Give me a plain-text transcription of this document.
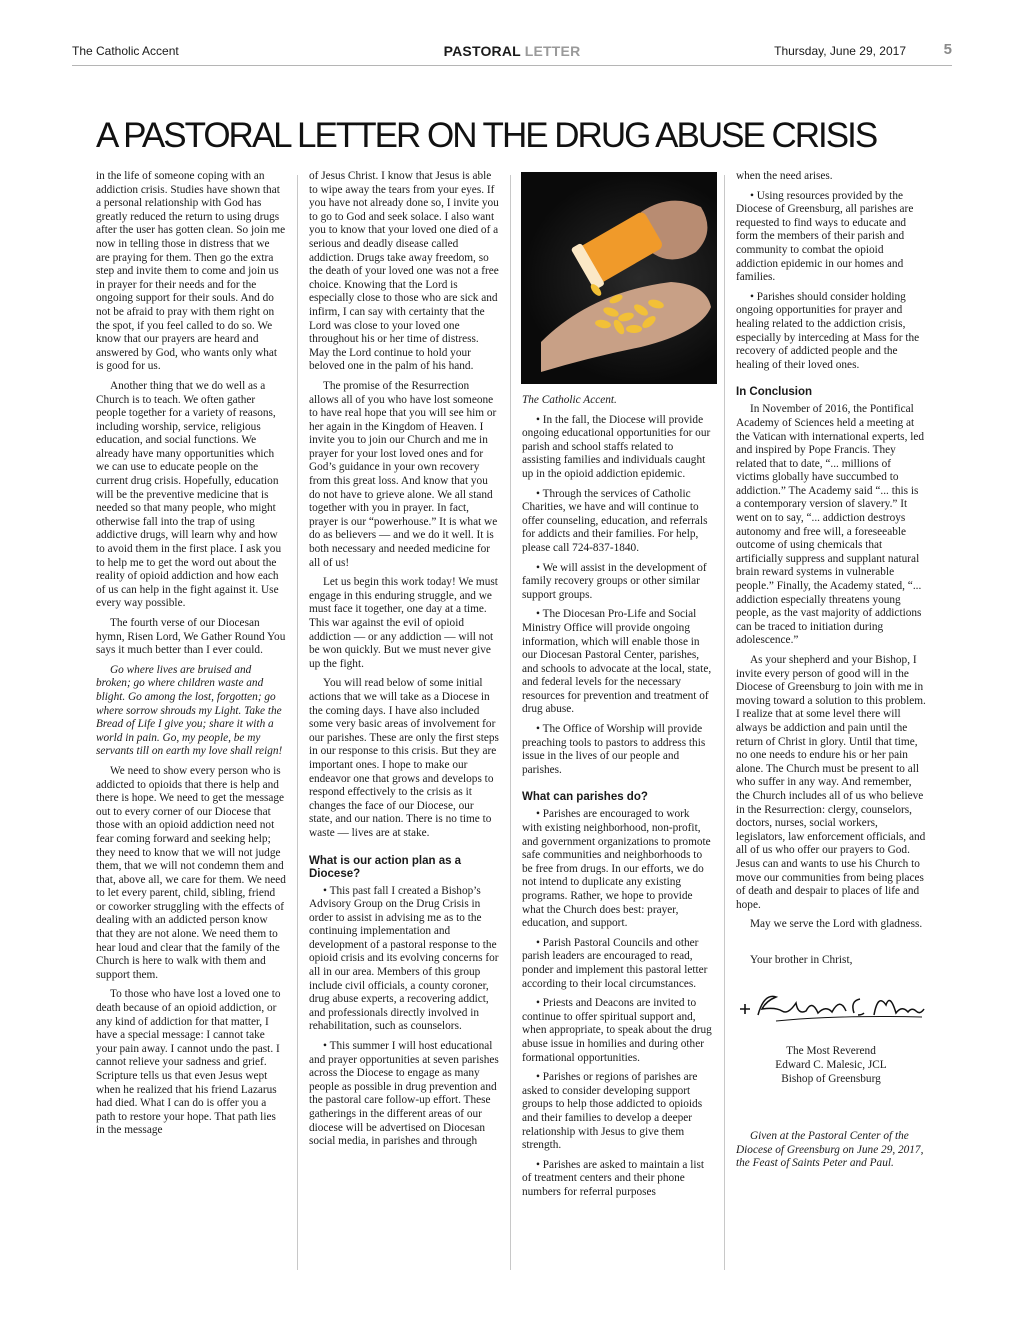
The Catholic Accent	PASTORAL LETTER	Thursday, June 29, 2017	5
A PASTORAL LETTER ON THE DRUG ABUSE CRISIS

in the life of someone coping with an addiction crisis. Studies have shown that a personal relationship with God has greatly reduced the return to using drugs after the user has gotten clean. So join me now in telling those in distress that we are praying for them. Then go the extra step and invite them to come and join us in prayer for their needs and for the ongoing support for their souls. And do not be afraid to pray with them right on the spot, if you feel called to do so. We know that our prayers are heard and answered by God, who wants only what is good for us.

Another thing that we do well as a Church is to teach. We often gather people together for a variety of reasons, including worship, service, religious education, and social functions. We already have many opportunities which we can use to educate people on the current drug crisis. Hopefully, education will be the preventive medicine that is needed so that many people, who might otherwise fall into the trap of using addictive drugs, will learn why and how to avoid them in the first place. I ask you to help me to get the word out about the reality of opioid addiction and how each of us can help in the fight against it. Use every way possible.

The fourth verse of our Diocesan hymn, Risen Lord, We Gather Round You says it much better than I ever could.

Go where lives are bruised and broken; go where children waste and blight. Go among the lost, forgotten; go where sorrow shrouds my Light. Take the Bread of Life I give you; share it with a world in pain. Go, my people, be my servants till on earth my love shall reign!

We need to show every person who is addicted to opioids that there is help and there is hope. We need to get the message out to every corner of our Diocese that those with an opioid addiction need not fear coming forward and seeking help; they need to know that we will not judge them, that we will not condemn them and that, above all, we care for them. We need to let every parent, child, sibling, friend or coworker struggling with the effects of dealing with an addicted person know that they are not alone. We need them to hear loud and clear that the family of the Church is here to walk with them and support them.

To those who have lost a loved one to death because of an opioid addiction, or any kind of addiction for that matter, I have a special message: I cannot take your pain away. I cannot undo the past. I cannot relieve your sadness and grief. Scripture tells us that even Jesus wept when he realized that his friend Lazarus had died. What I can do is offer you a path to restore your hope. That path lies in the message

of Jesus Christ. I know that Jesus is able to wipe away the tears from your eyes. If you have not already done so, I invite you to go to God and seek solace. I also want you to know that your loved one died of a serious and deadly disease called addiction. Drugs take away freedom, so the death of your loved one was not a free choice. Knowing that the Lord is especially close to those who are sick and infirm, I can say with certainty that the Lord was close to your loved one throughout his or her time of distress. May the Lord continue to hold your beloved one in the palm of his hand.

The promise of the Resurrection allows all of you who have lost someone to have real hope that you will see him or her again in the Kingdom of Heaven. I invite you to join our Church and me in prayer for your lost loved ones and for God’s guidance in your own recovery from this great loss. And know that you do not have to grieve alone. We all stand together with you in prayer. In fact, prayer is our “powerhouse.” It is what we do as believers — and we do it well. It is both necessary and needed medicine for all of us!

Let us begin this work today! We must engage in this enduring struggle, and we must face it together, one day at a time. This war against the evil of opioid addiction — or any addiction — will not be won quickly. But we must never give up the fight.

You will read below of some initial actions that we will take as a Diocese in the coming days. I have also included some very basic areas of involvement for our parishes. These are only the first steps in our response to this crisis. But they are important ones. I hope to make our endeavor one that grows and develops to respond effectively to the crisis as it changes the face of our Diocese, our state, and our nation. There is no time to waste — lives are at stake.

What is our action plan as a Diocese?

• This past fall I created a Bishop’s Advisory Group on the Drug Crisis in order to assist in advising me as to the continuing implementation and development of a pastoral response to the opioid crisis and its evolving concerns for all in our area. Members of this group include civil officials, a county coroner, drug abuse experts, a recovering addict, and professionals directly involved in rehabilitation, such as counselors.

• This summer I will host educational and prayer opportunities at seven parishes across the Diocese to engage as many people as possible in drug prevention and the pastoral care follow-up effort. These gatherings in the different areas of our diocese will be advertised on Diocesan social media, in parishes and through

The Catholic Accent.

• In the fall, the Diocese will provide ongoing educational opportunities for our parish and school staffs related to assisting families and individuals caught up in the opioid addiction epidemic.

• Through the services of Catholic Charities, we have and will continue to offer counseling, education, and referrals for addicts and their families. For help, please call 724-837-1840.

• We will assist in the development of family recovery groups or other similar support groups.

• The Diocesan Pro-Life and Social Ministry Office will provide ongoing information, which will enable those in our Diocesan Pastoral Center, parishes, and schools to advocate at the local, state, and federal levels for the necessary resources for prevention and treatment of drug abuse.

• The Office of Worship will provide preaching tools to pastors to address this issue in the lives of our people and parishes.

What can parishes do?

• Parishes are encouraged to work with existing neighborhood, non-profit, and government organizations to promote safe communities and neighborhoods to be free from drugs. In our efforts, we do not intend to duplicate any existing programs. Rather, we hope to provide what the Church does best: prayer, education, and support.

• Parish Pastoral Councils and other parish leaders are encouraged to read, ponder and implement this pastoral letter according to their local circumstances.

• Priests and Deacons are invited to continue to offer spiritual support and, when appropriate, to speak about the drug abuse issue in homilies and during other formational opportunities.

• Parishes or regions of parishes are asked to consider developing support groups to help those addicted to opioids and their families to develop a deeper relationship with Jesus to give them strength.

• Parishes are asked to maintain a list of treatment centers and their phone numbers for referral purposes

when the need arises.

• Using resources provided by the Diocese of Greensburg, all parishes are requested to find ways to educate and form the members of their parish and community to combat the opioid addiction epidemic in our homes and families.

• Parishes should consider holding ongoing opportunities for prayer and healing related to the addiction crisis, especially by interceding at Mass for the recovery of addicted people and the healing of their loved ones.

In Conclusion

In November of 2016, the Pontifical Academy of Sciences held a meeting at the Vatican with international experts, led and inspired by Pope Francis. They related that to date, “... millions of victims globally have succumbed to addiction.” The Academy said “... this is a contemporary version of slavery.” It went on to say, “... addiction destroys autonomy and free will, a foreseeable outcome of using chemicals that artificially suppress and supplant natural brain reward systems in vulnerable people.” Finally, the Academy stated, “... addiction especially threatens young people, as the vast majority of addictions can be traced to initiation during adolescence.”

As your shepherd and your Bishop, I invite every person of good will in the Diocese of Greensburg to join with me in moving toward a solution to this problem. I realize that at some level there will always be addiction and pain until the return of Christ in glory. Until that time, no one needs to endure his or her pain alone. The Church must be present to all who suffer in any way. And remember, the Church includes all of us who believe in the Resurrection: clergy, counselors, doctors, nurses, social workers, legislators, law enforcement officials, and all of us who offer our prayers to God. Jesus can and wants to use his Church to move our communities from being places of death and despair to places of life and hope.

May we serve the Lord with gladness.

Your brother in Christ,

The Most Reverend
Edward C. Malesic, JCL
Bishop of Greensburg

Given at the Pastoral Center of the Diocese of Greensburg on June 29, 2017, the Feast of Saints Peter and Paul.
